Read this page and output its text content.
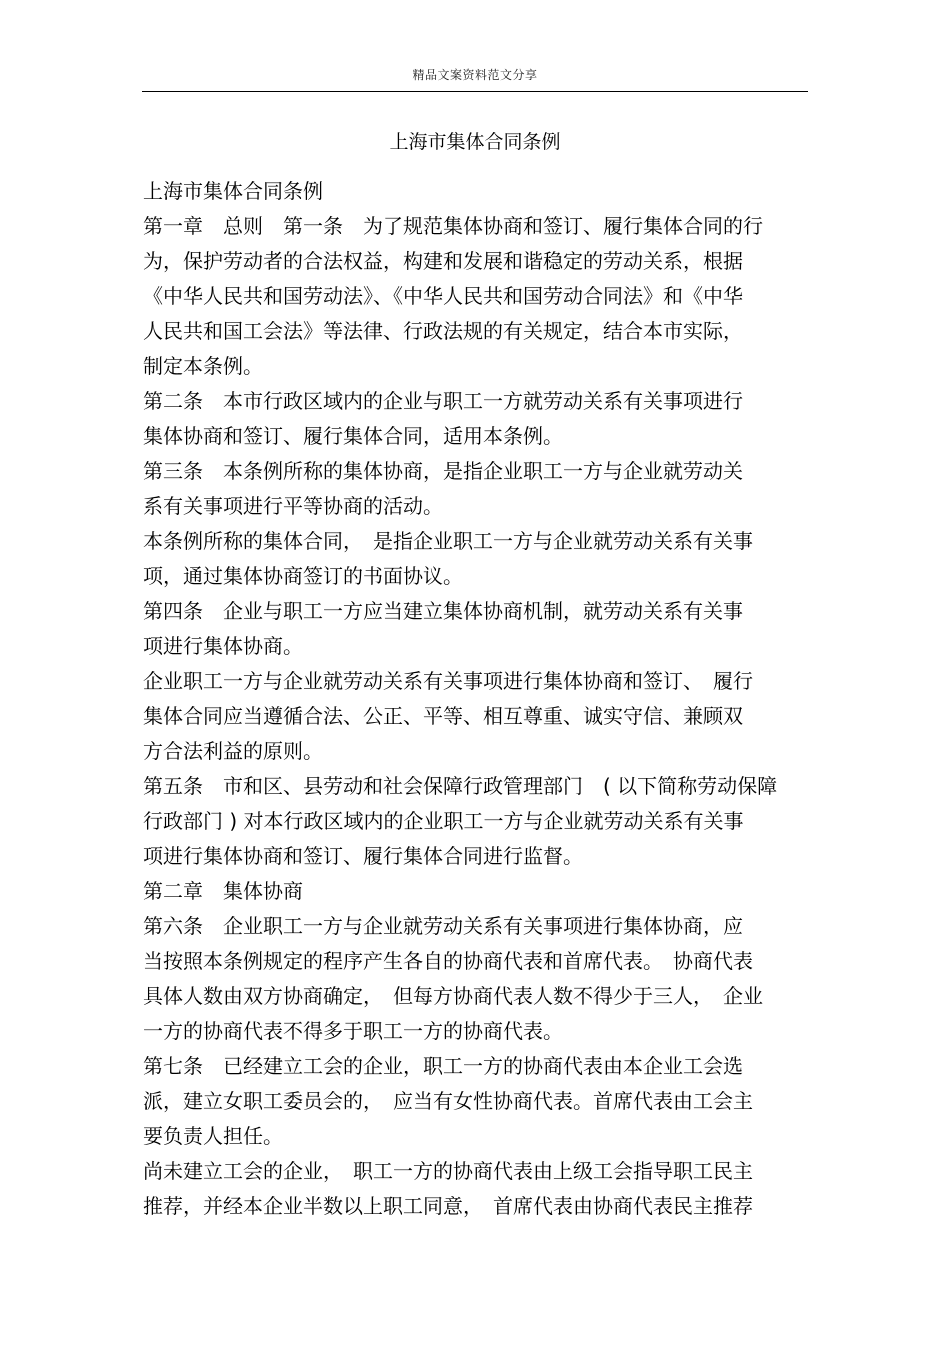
精品文案资料范文分享
上海市集体合同条例
上海市集体合同条例
第一章　总则　第一条　为了规范集体协商和签订、履行集体合同的行
为，保护劳动者的合法权益，构建和发展和谐稳定的劳动关系，根据
《中华人民共和国劳动法》、《中华人民共和国劳动合同法》和《中华
人民共和国工会法》等法律、行政法规的有关规定，结合本市实际，
制定本条例。
第二条　本市行政区域内的企业与职工一方就劳动关系有关事项进行
集体协商和签订、履行集体合同，适用本条例。
第三条　本条例所称的集体协商，是指企业职工一方与企业就劳动关
系有关事项进行平等协商的活动。
本条例所称的集体合同，　是指企业职工一方与企业就劳动关系有关事
项，通过集体协商签订的书面协议。
第四条　企业与职工一方应当建立集体协商机制，就劳动关系有关事
项进行集体协商。
企业职工一方与企业就劳动关系有关事项进行集体协商和签订、　履行
集体合同应当遵循合法、公正、平等、相互尊重、诚实守信、兼顾双
方合法利益的原则。
第五条　市和区、县劳动和社会保障行政管理部门　( 以下简称劳动保障
行政部门 ) 对本行政区域内的企业职工一方与企业就劳动关系有关事
项进行集体协商和签订、履行集体合同进行监督。
第二章　集体协商
第六条　企业职工一方与企业就劳动关系有关事项进行集体协商，应
当按照本条例规定的程序产生各自的协商代表和首席代表。　协商代表
具体人数由双方协商确定，　但每方协商代表人数不得少于三人，　企业
一方的协商代表不得多于职工一方的协商代表。
第七条　已经建立工会的企业，职工一方的协商代表由本企业工会选
派，建立女职工委员会的，　应当有女性协商代表。首席代表由工会主
要负责人担任。
尚未建立工会的企业，　职工一方的协商代表由上级工会指导职工民主
推荐，并经本企业半数以上职工同意，　首席代表由协商代表民主推荐
